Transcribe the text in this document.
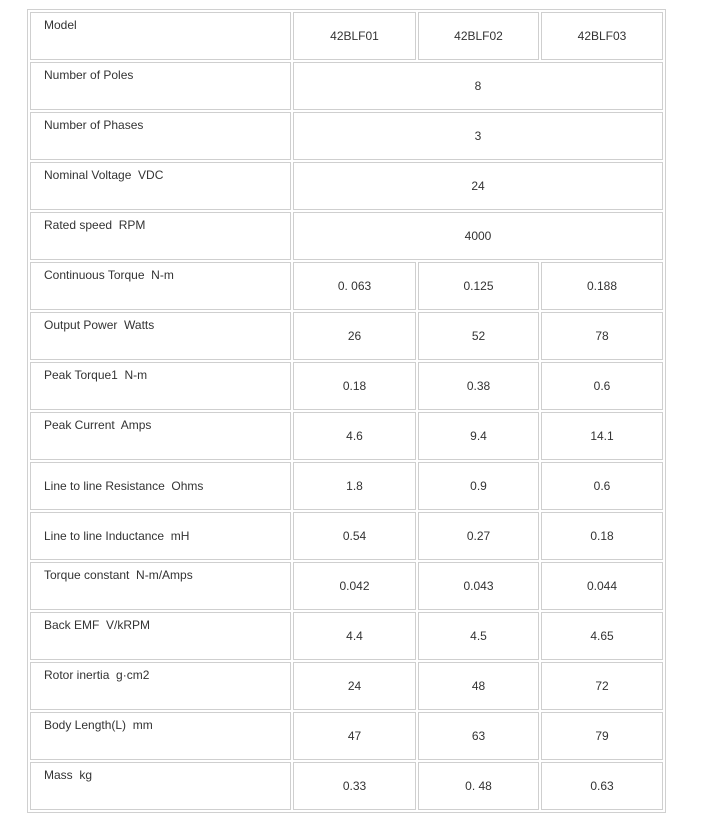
Model	42BLF01	42BLF02	42BLF03
Number of Poles	8		
Number of Phases	3		
Nominal Voltage  VDC	24		
Rated speed  RPM	4000		
Continuous Torque  N-m	0. 063	0.125	0.188
Output Power  Watts	26	52	78
Peak Torque1  N-m	0.18	0.38	0.6
Peak Current  Amps	4.6	9.4	14.1
Line to line Resistance  Ohms	1.8	0.9	0.6
Line to line Inductance  mH	0.54	0.27	0.18
Torque constant  N-m/Amps	0.042	0.043	0.044
Back EMF  V/kRPM	4.4	4.5	4.65
Rotor inertia  g·cm2	24	48	72
Body Length(L)  mm	47	63	79
Mass  kg	0.33	0. 48	0.63
